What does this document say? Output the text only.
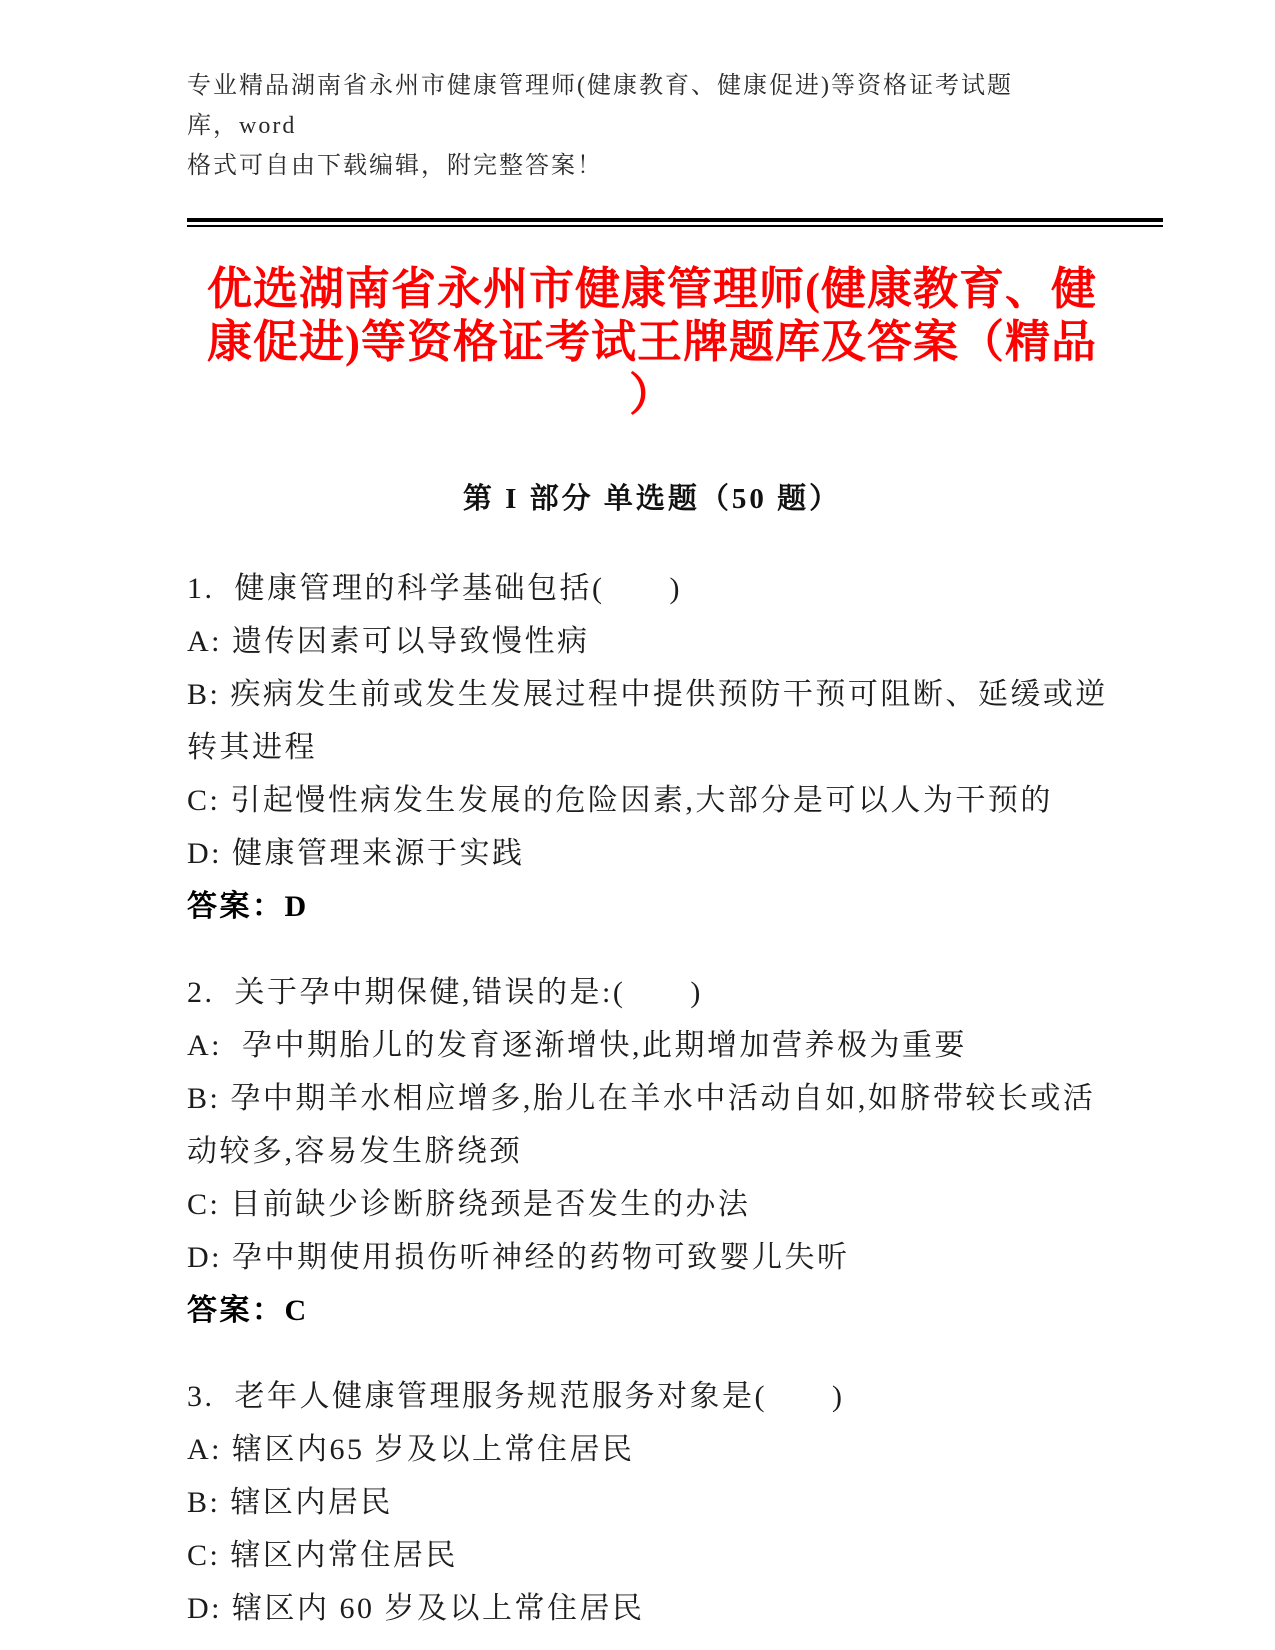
专业精品湖南省永州市健康管理师(健康教育、健康促进)等资格证考试题库，word
格式可自由下载编辑，附完整答案！
优选湖南省永州市健康管理师(健康教育、健
康促进)等资格证考试王牌题库及答案（精品
）
第 I 部分 单选题（50 题）
1. 健康管理的科学基础包括(　　)
A: 遗传因素可以导致慢性病
B: 疾病发生前或发生发展过程中提供预防干预可阻断、延缓或逆转其进程
C: 引起慢性病发生发展的危险因素,大部分是可以人为干预的
D: 健康管理来源于实践
答案：D
2. 关于孕中期保健,错误的是:(　　)
A:  孕中期胎儿的发育逐渐增快,此期增加营养极为重要
B: 孕中期羊水相应增多,胎儿在羊水中活动自如,如脐带较长或活动较多,容易发生脐绕颈
C: 目前缺少诊断脐绕颈是否发生的办法
D: 孕中期使用损伤听神经的药物可致婴儿失听
答案：C
3. 老年人健康管理服务规范服务对象是(　　)
A: 辖区内65 岁及以上常住居民
B: 辖区内居民
C: 辖区内常住居民
D: 辖区内 60 岁及以上常住居民
